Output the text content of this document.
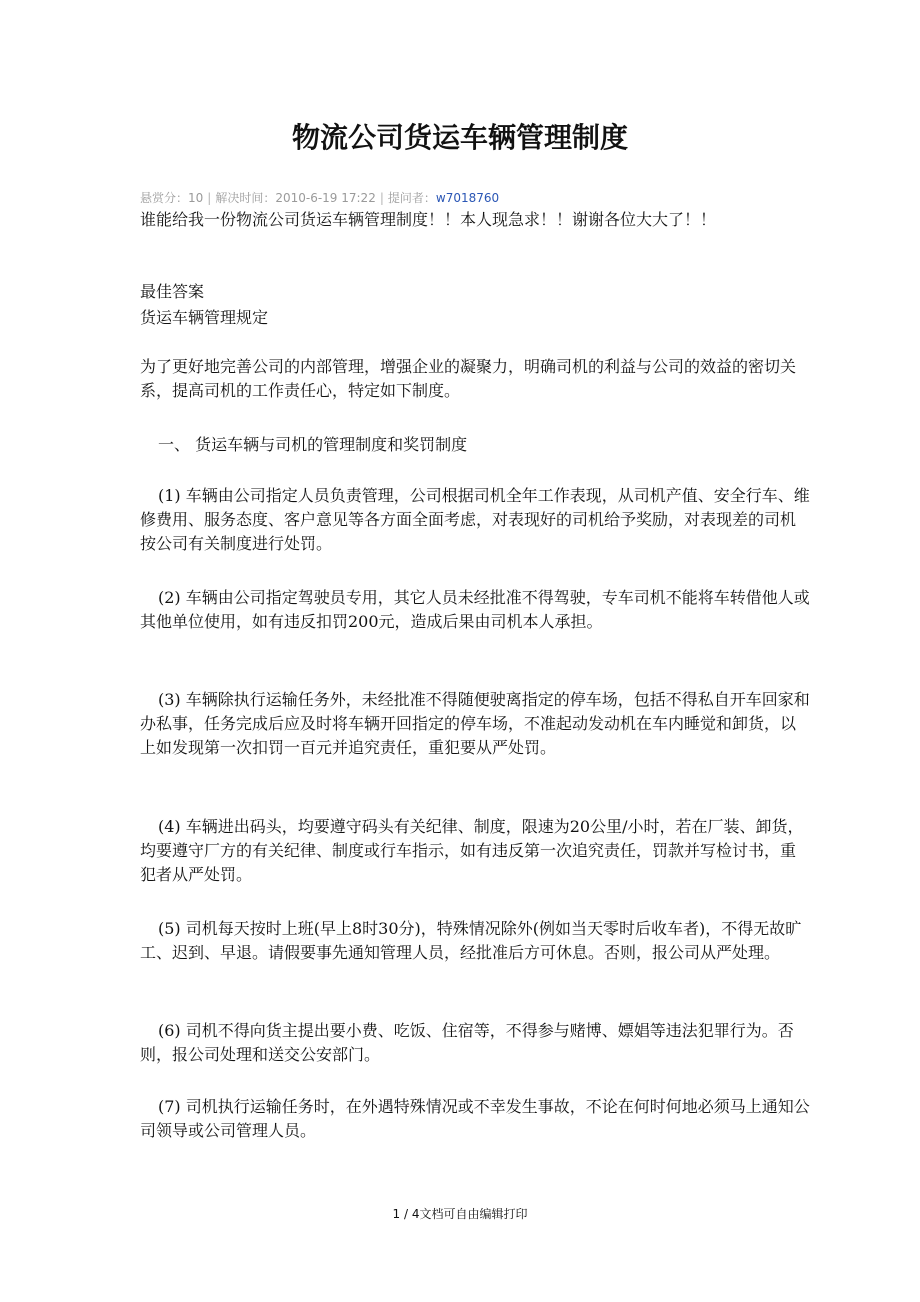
物流公司货运车辆管理制度
悬赏分：10 | 解决时间：2010-6-19 17:22 | 提问者：w7018760

谁能给我一份物流公司货运车辆管理制度！！本人现急求！！谢谢各位大大了！！

最佳答案

货运车辆管理规定

为了更好地完善公司的内部管理，增强企业的凝聚力，明确司机的利益与公司的效益的密切关系，提高司机的工作责任心，特定如下制度。

一、 货运车辆与司机的管理制度和奖罚制度

(1) 车辆由公司指定人员负责管理，公司根据司机全年工作表现，从司机产值、安全行车、维修费用、服务态度、客户意见等各方面全面考虑，对表现好的司机给予奖励，对表现差的司机按公司有关制度进行处罚。

(2) 车辆由公司指定驾驶员专用，其它人员未经批准不得驾驶，专车司机不能将车转借他人或其他单位使用，如有违反扣罚200元，造成后果由司机本人承担。

(3) 车辆除执行运输任务外，未经批准不得随便驶离指定的停车场，包括不得私自开车回家和办私事，任务完成后应及时将车辆开回指定的停车场，不准起动发动机在车内睡觉和卸货，以上如发现第一次扣罚一百元并追究责任，重犯要从严处罚。

(4) 车辆进出码头，均要遵守码头有关纪律、制度，限速为20公里/小时，若在厂装、卸货，均要遵守厂方的有关纪律、制度或行车指示，如有违反第一次追究责任，罚款并写检讨书，重犯者从严处罚。

(5) 司机每天按时上班(早上8时30分)，特殊情况除外(例如当天零时后收车者)，不得无故旷工、迟到、早退。请假要事先通知管理人员，经批准后方可休息。否则，报公司从严处理。

(6) 司机不得向货主提出要小费、吃饭、住宿等，不得参与赌博、嫖娼等违法犯罪行为。否则，报公司处理和送交公安部门。

(7) 司机执行运输任务时，在外遇特殊情况或不幸发生事故，不论在何时何地必须马上通知公司领导或公司管理人员。

1 / 4文档可自由编辑打印
